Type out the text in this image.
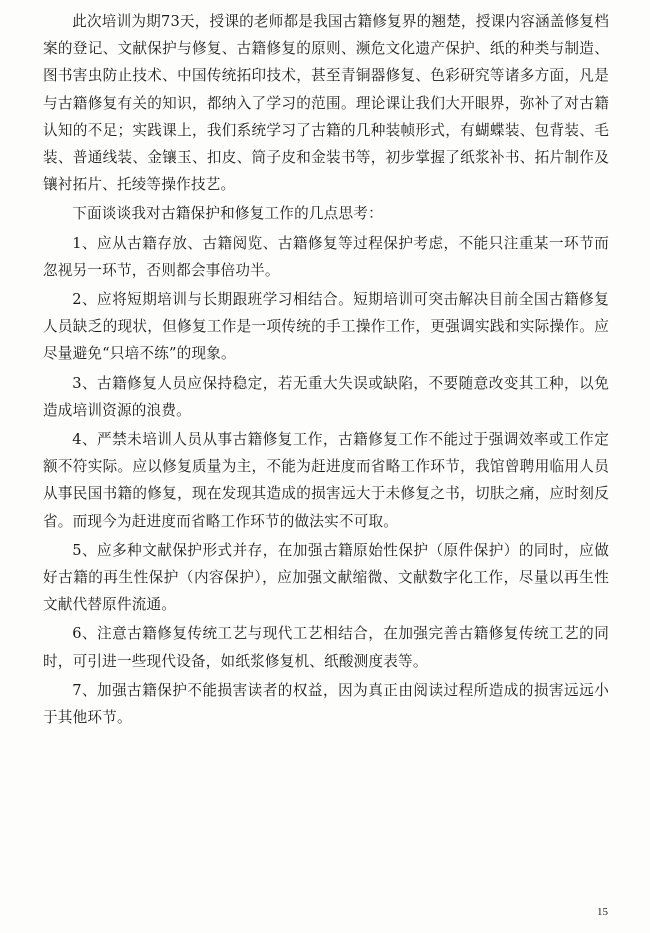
此次培训为期73天，授课的老师都是我国古籍修复界的翘楚，授课内容涵盖修复档案的登记、文献保护与修复、古籍修复的原则、濒危文化遗产保护、纸的种类与制造、图书害虫防止技术、中国传统拓印技术，甚至青铜器修复、色彩研究等诸多方面，凡是与古籍修复有关的知识，都纳入了学习的范围。理论课让我们大开眼界，弥补了对古籍认知的不足；实践课上，我们系统学习了古籍的几种装帧形式，有蝴蝶装、包背装、毛装、普通线装、金镶玉、扣皮、筒子皮和金装书等，初步掌握了纸浆补书、拓片制作及镶衬拓片、托绫等操作技艺。

下面谈谈我对古籍保护和修复工作的几点思考：

1、应从古籍存放、古籍阅览、古籍修复等过程保护考虑，不能只注重某一环节而忽视另一环节，否则都会事倍功半。

2、应将短期培训与长期跟班学习相结合。短期培训可突击解决目前全国古籍修复人员缺乏的现状，但修复工作是一项传统的手工操作工作，更强调实践和实际操作。应尽量避免“只培不练”的现象。

3、古籍修复人员应保持稳定，若无重大失误或缺陷，不要随意改变其工种，以免造成培训资源的浪费。

4、严禁未培训人员从事古籍修复工作，古籍修复工作不能过于强调效率或工作定额不符实际。应以修复质量为主，不能为赶进度而省略工作环节，我馆曾聘用临用人员从事民国书籍的修复，现在发现其造成的损害远大于未修复之书，切肤之痛，应时刻反省。而现今为赶进度而省略工作环节的做法实不可取。

5、应多种文献保护形式并存，在加强古籍原始性保护（原件保护）的同时，应做好古籍的再生性保护（内容保护），应加强文献缩微、文献数字化工作，尽量以再生性文献代替原件流通。

6、注意古籍修复传统工艺与现代工艺相结合，在加强完善古籍修复传统工艺的同时，可引进一些现代设备，如纸浆修复机、纸酸测度表等。

7、加强古籍保护不能损害读者的权益，因为真正由阅读过程所造成的损害远远小于其他环节。

15
